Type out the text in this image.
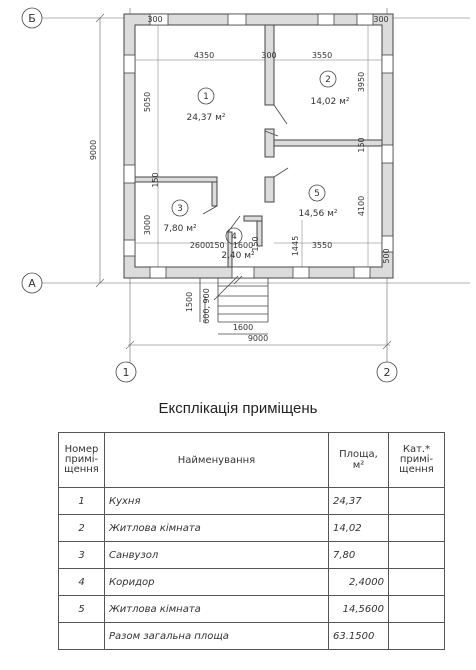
Б
А
1	2
1
24,37 м²
2
14,02 м²
3
7,80 м²
4
2,40 м²
5
14,56 м²
4350	3550
300
300	300
2600 150 1600	3550
1600
9000
5050
3950
9000
150
150
3000
4100
150	1445
1500 600, 900
500
Експлікація приміщень
Номер примі- щення	Найменування	Площа, м²	Кат.* примі- щення
1	Кухня	24,37	
2	Житлова кімната	14,02	
3	Санвузол	7,80	
4	Коридор	2,4000	
5	Житлова кімната	14,5600	
	Разом загальна площа	63.1500	
